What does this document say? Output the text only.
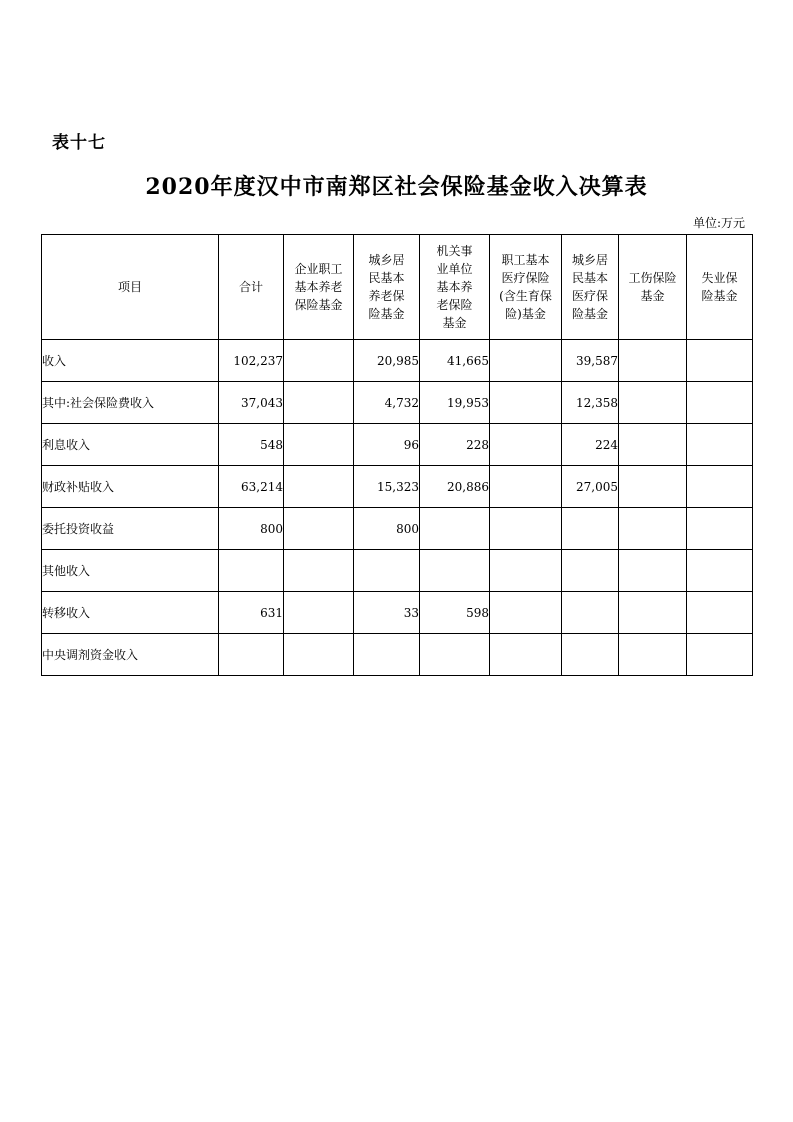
表十七
2020年度汉中市南郑区社会保险基金收入决算表
单位:万元
项目	合计	企业职工
基本养老
保险基金	城乡居
民基本
养老保
险基金	机关事
业单位
基本养
老保险
基金	职工基本
医疗保险
(含生育保
险)基金	城乡居
民基本
医疗保
险基金	工伤保险
基金	失业保
险基金
收入	102,237		20,985	41,665		39,587		
其中:社会保险费收入	37,043		4,732	19,953		12,358		
利息收入	548		96	228		224		
财政补贴收入	63,214		15,323	20,886		27,005		
委托投资收益	800		800					
其他收入								
转移收入	631		33	598				
中央调剂资金收入								
